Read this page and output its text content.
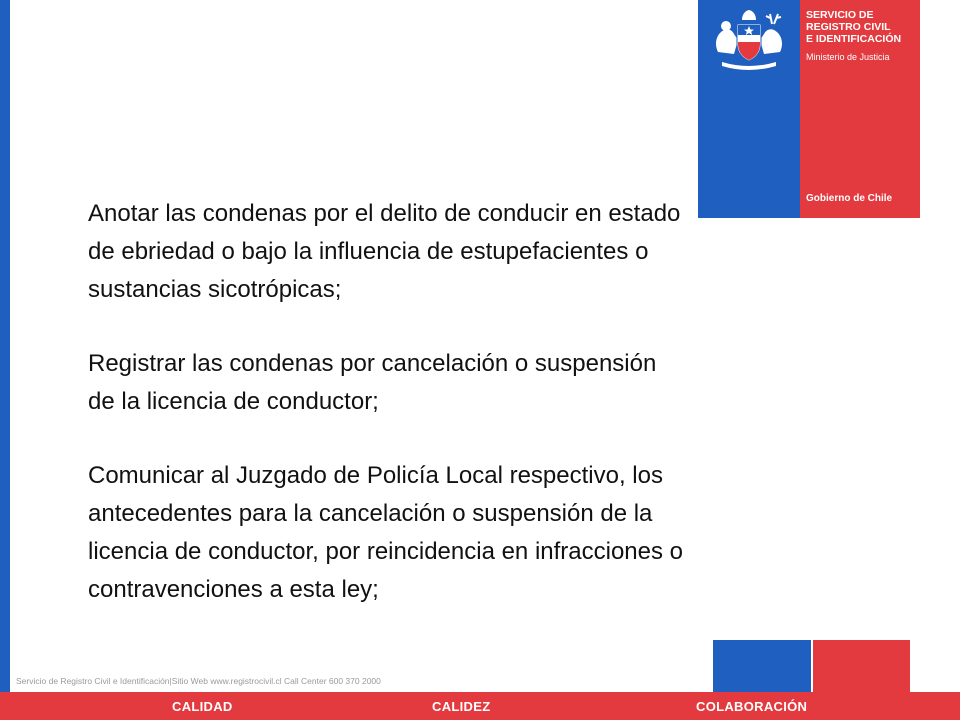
SERVICIO DE
REGISTRO CIVIL
E IDENTIFICACIÓN
Ministerio de Justicia
Gobierno de Chile

Anotar las condenas por el delito de conducir en estado
de ebriedad o bajo la influencia de estupefacientes o
sustancias sicotrópicas;

Registrar las condenas por cancelación o suspensión
de la licencia de conductor;

Comunicar al Juzgado de Policía Local respectivo, los
antecedentes para la cancelación o suspensión de la
licencia de conductor, por reincidencia en infracciones o
contravenciones a esta ley;

Servicio de Registro Civil e Identificación|Sitio Web www.registrocivil.cl Call Center 600 370 2000
CALIDAD	CALIDEZ	COLABORACIÓN
